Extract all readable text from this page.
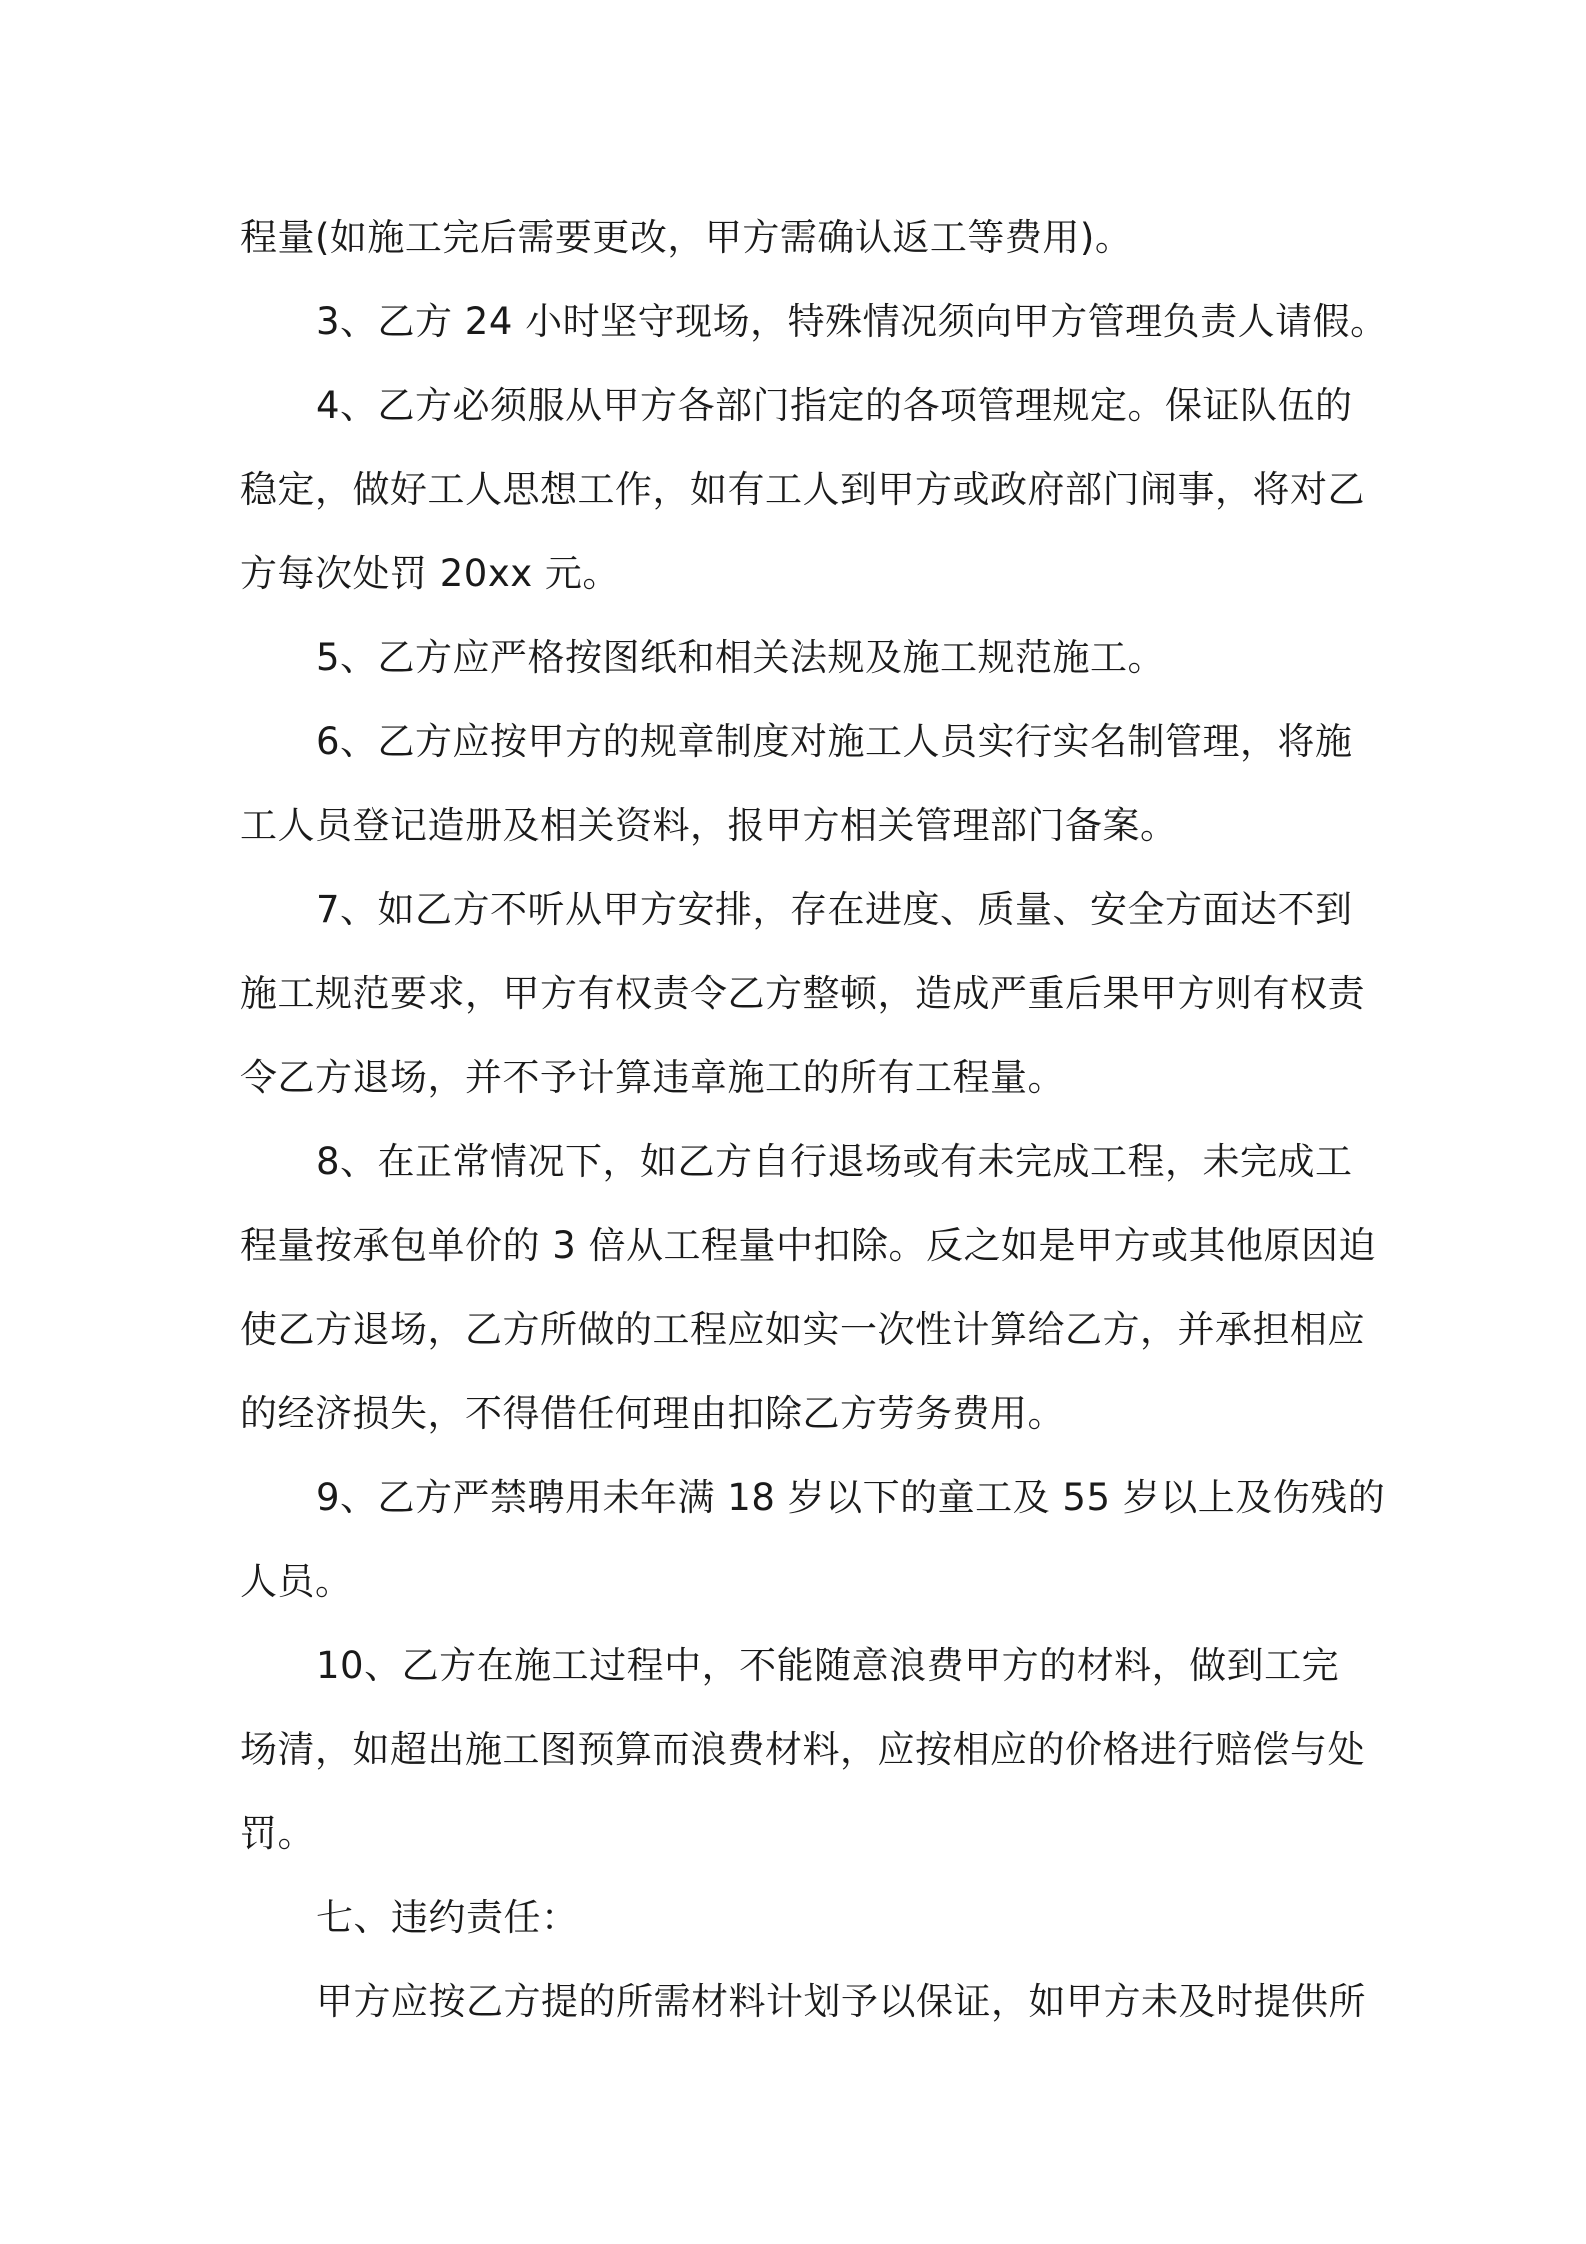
程量(如施工完后需要更改，甲方需确认返工等费用)。

3、乙方 24 小时坚守现场，特殊情况须向甲方管理负责人请假。

4、乙方必须服从甲方各部门指定的各项管理规定。保证队伍的
稳定，做好工人思想工作，如有工人到甲方或政府部门闹事，将对乙
方每次处罚 20xx 元。

5、乙方应严格按图纸和相关法规及施工规范施工。

6、乙方应按甲方的规章制度对施工人员实行实名制管理，将施
工人员登记造册及相关资料，报甲方相关管理部门备案。

7、如乙方不听从甲方安排，存在进度、质量、安全方面达不到
施工规范要求，甲方有权责令乙方整顿，造成严重后果甲方则有权责
令乙方退场，并不予计算违章施工的所有工程量。

8、在正常情况下，如乙方自行退场或有未完成工程，未完成工
程量按承包单价的 3 倍从工程量中扣除。反之如是甲方或其他原因迫
使乙方退场，乙方所做的工程应如实一次性计算给乙方，并承担相应
的经济损失，不得借任何理由扣除乙方劳务费用。

9、乙方严禁聘用未年满 18 岁以下的童工及 55 岁以上及伤残的
人员。

10、乙方在施工过程中，不能随意浪费甲方的材料，做到工完
场清，如超出施工图预算而浪费材料，应按相应的价格进行赔偿与处
罚。

七、违约责任：

甲方应按乙方提的所需材料计划予以保证，如甲方未及时提供所
